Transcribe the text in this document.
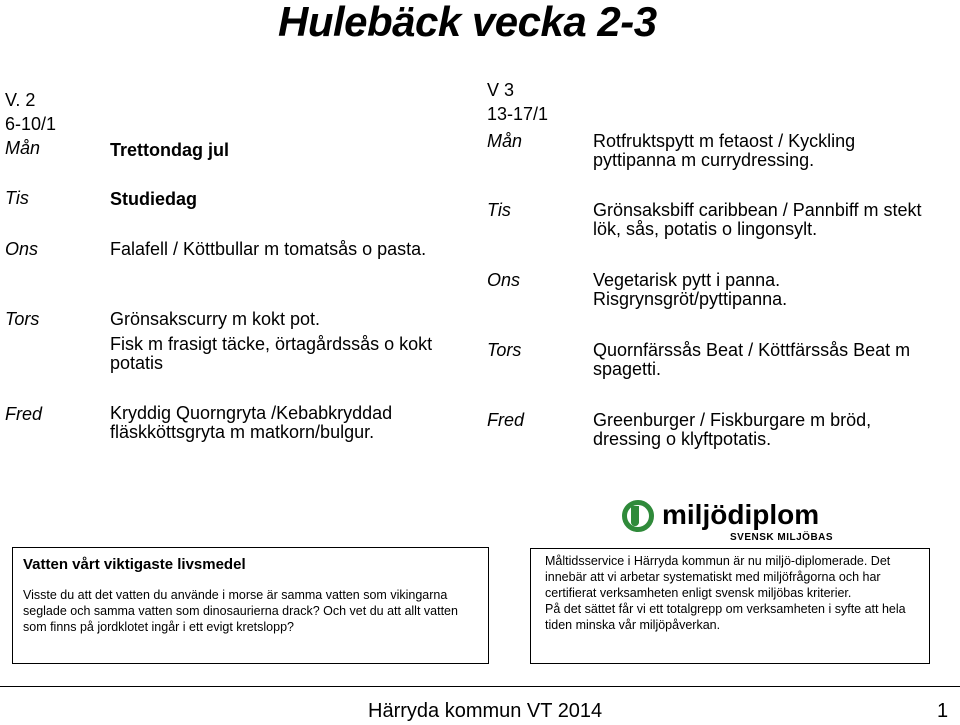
Hulebäck vecka 2-3
V. 2
6-10/1
Mån	Trettondag jul
Tis	Studiedag
Ons	Falafell / Köttbullar m tomatsås o pasta.
Tors	Grönsakscurry m kokt pot.
Fisk m frasigt täcke, örtagårdssås o kokt potatis
Fred	Kryddig Quorngryta /Kebabkryddad fläskköttsgryta m matkorn/bulgur.
V 3
13-17/1
Mån	Rotfruktspytt m fetaost / Kyckling pyttipanna m currydressing.
Tis	Grönsaksbiff caribbean / Pannbiff m stekt lök, sås, potatis o lingonsylt.
Ons	Vegetarisk pytt i panna. Risgrynsgröt/pyttipanna.
Tors	Quornfärssås Beat / Köttfärssås Beat m spagetti.
Fred	Greenburger / Fiskburgare m bröd, dressing o klyftpotatis.
Vatten vårt viktigaste livsmedel
Visste du att det vatten du använde i morse är samma vatten som vikingarna seglade och samma vatten som dinosaurierna drack? Och vet du att allt vatten som finns på jordklotet ingår i ett evigt kretslopp?
miljödiplom
SVENSK MILJÖBAS
Måltidsservice i Härryda kommun är nu miljö-diplomerade. Det innebär att vi arbetar systematiskt med miljöfrågorna och har certifierat verksamheten enligt svensk miljöbas kriterier.
På det sättet får vi ett totalgrepp om verksamheten i syfte att hela tiden minska vår miljöpåverkan.
Härryda kommun VT 2014	1
